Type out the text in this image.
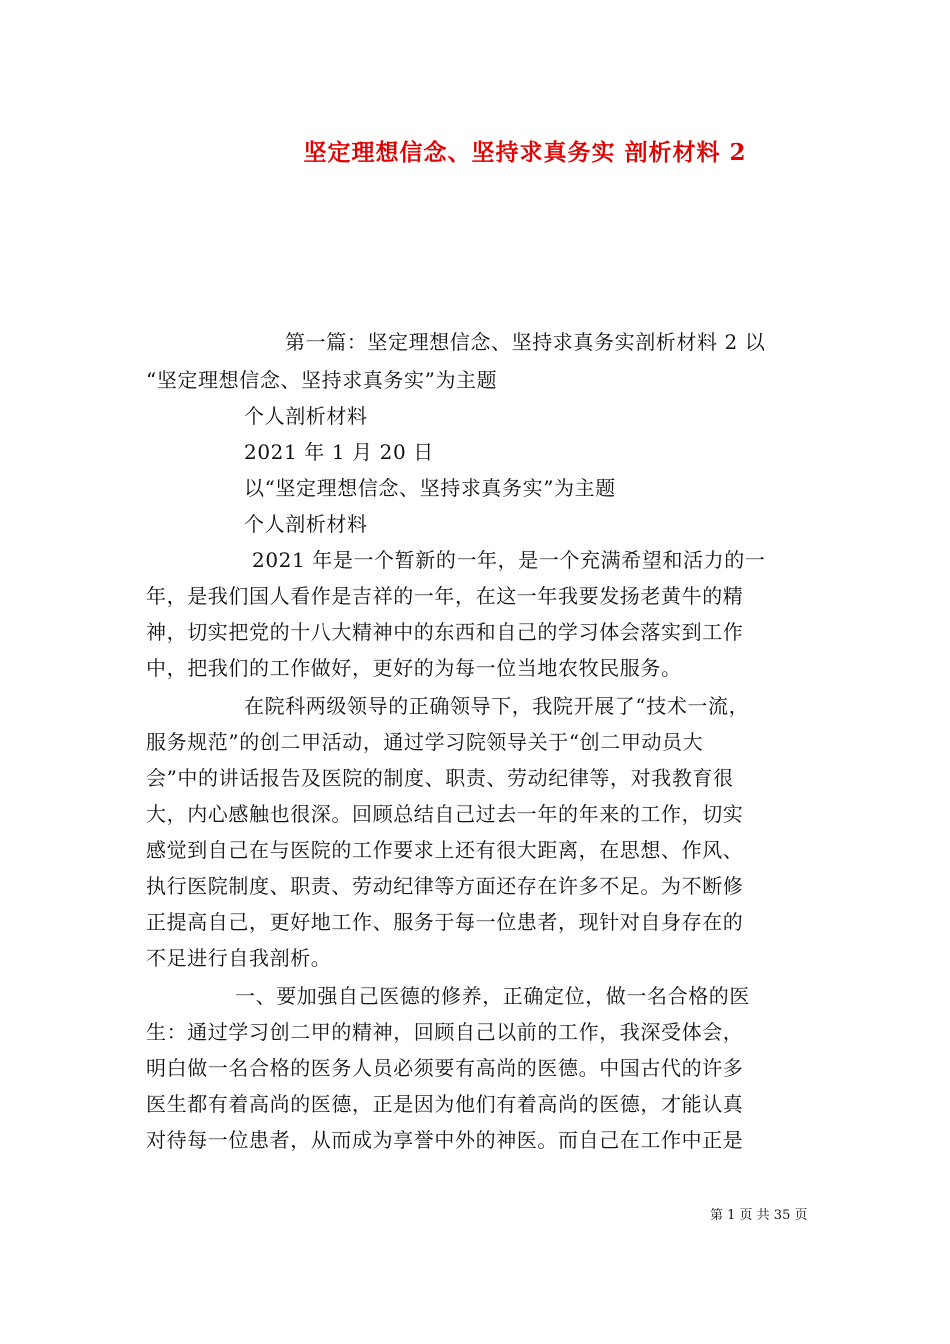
坚定理想信念、坚持求真务实 剖析材料 2
第一篇：坚定理想信念、坚持求真务实剖析材料 2 以
“坚定理想信念、坚持求真务实”为主题
个人剖析材料
2021 年 1 月 20 日
以“坚定理想信念、坚持求真务实”为主题
个人剖析材料
2021 年是一个暂新的一年，是一个充满希望和活力的一
年，是我们国人看作是吉祥的一年，在这一年我要发扬老黄牛的精
神，切实把党的十八大精神中的东西和自己的学习体会落实到工作
中，把我们的工作做好，更好的为每一位当地农牧民服务。
在院科两级领导的正确领导下，我院开展了“技术一流，
服务规范”的创二甲活动，通过学习院领导关于“创二甲动员大
会”中的讲话报告及医院的制度、职责、劳动纪律等，对我教育很
大，内心感触也很深。回顾总结自己过去一年的年来的工作，切实
感觉到自己在与医院的工作要求上还有很大距离，在思想、作风、
执行医院制度、职责、劳动纪律等方面还存在许多不足。为不断修
正提高自己，更好地工作、服务于每一位患者，现针对自身存在的
不足进行自我剖析。
一、要加强自己医德的修养，正确定位，做一名合格的医
生：通过学习创二甲的精神，回顾自己以前的工作，我深受体会，
明白做一名合格的医务人员必须要有高尚的医德。中国古代的许多
医生都有着高尚的医德，正是因为他们有着高尚的医德，才能认真
对待每一位患者，从而成为享誉中外的神医。而自己在工作中正是
第 1 页 共 35 页
